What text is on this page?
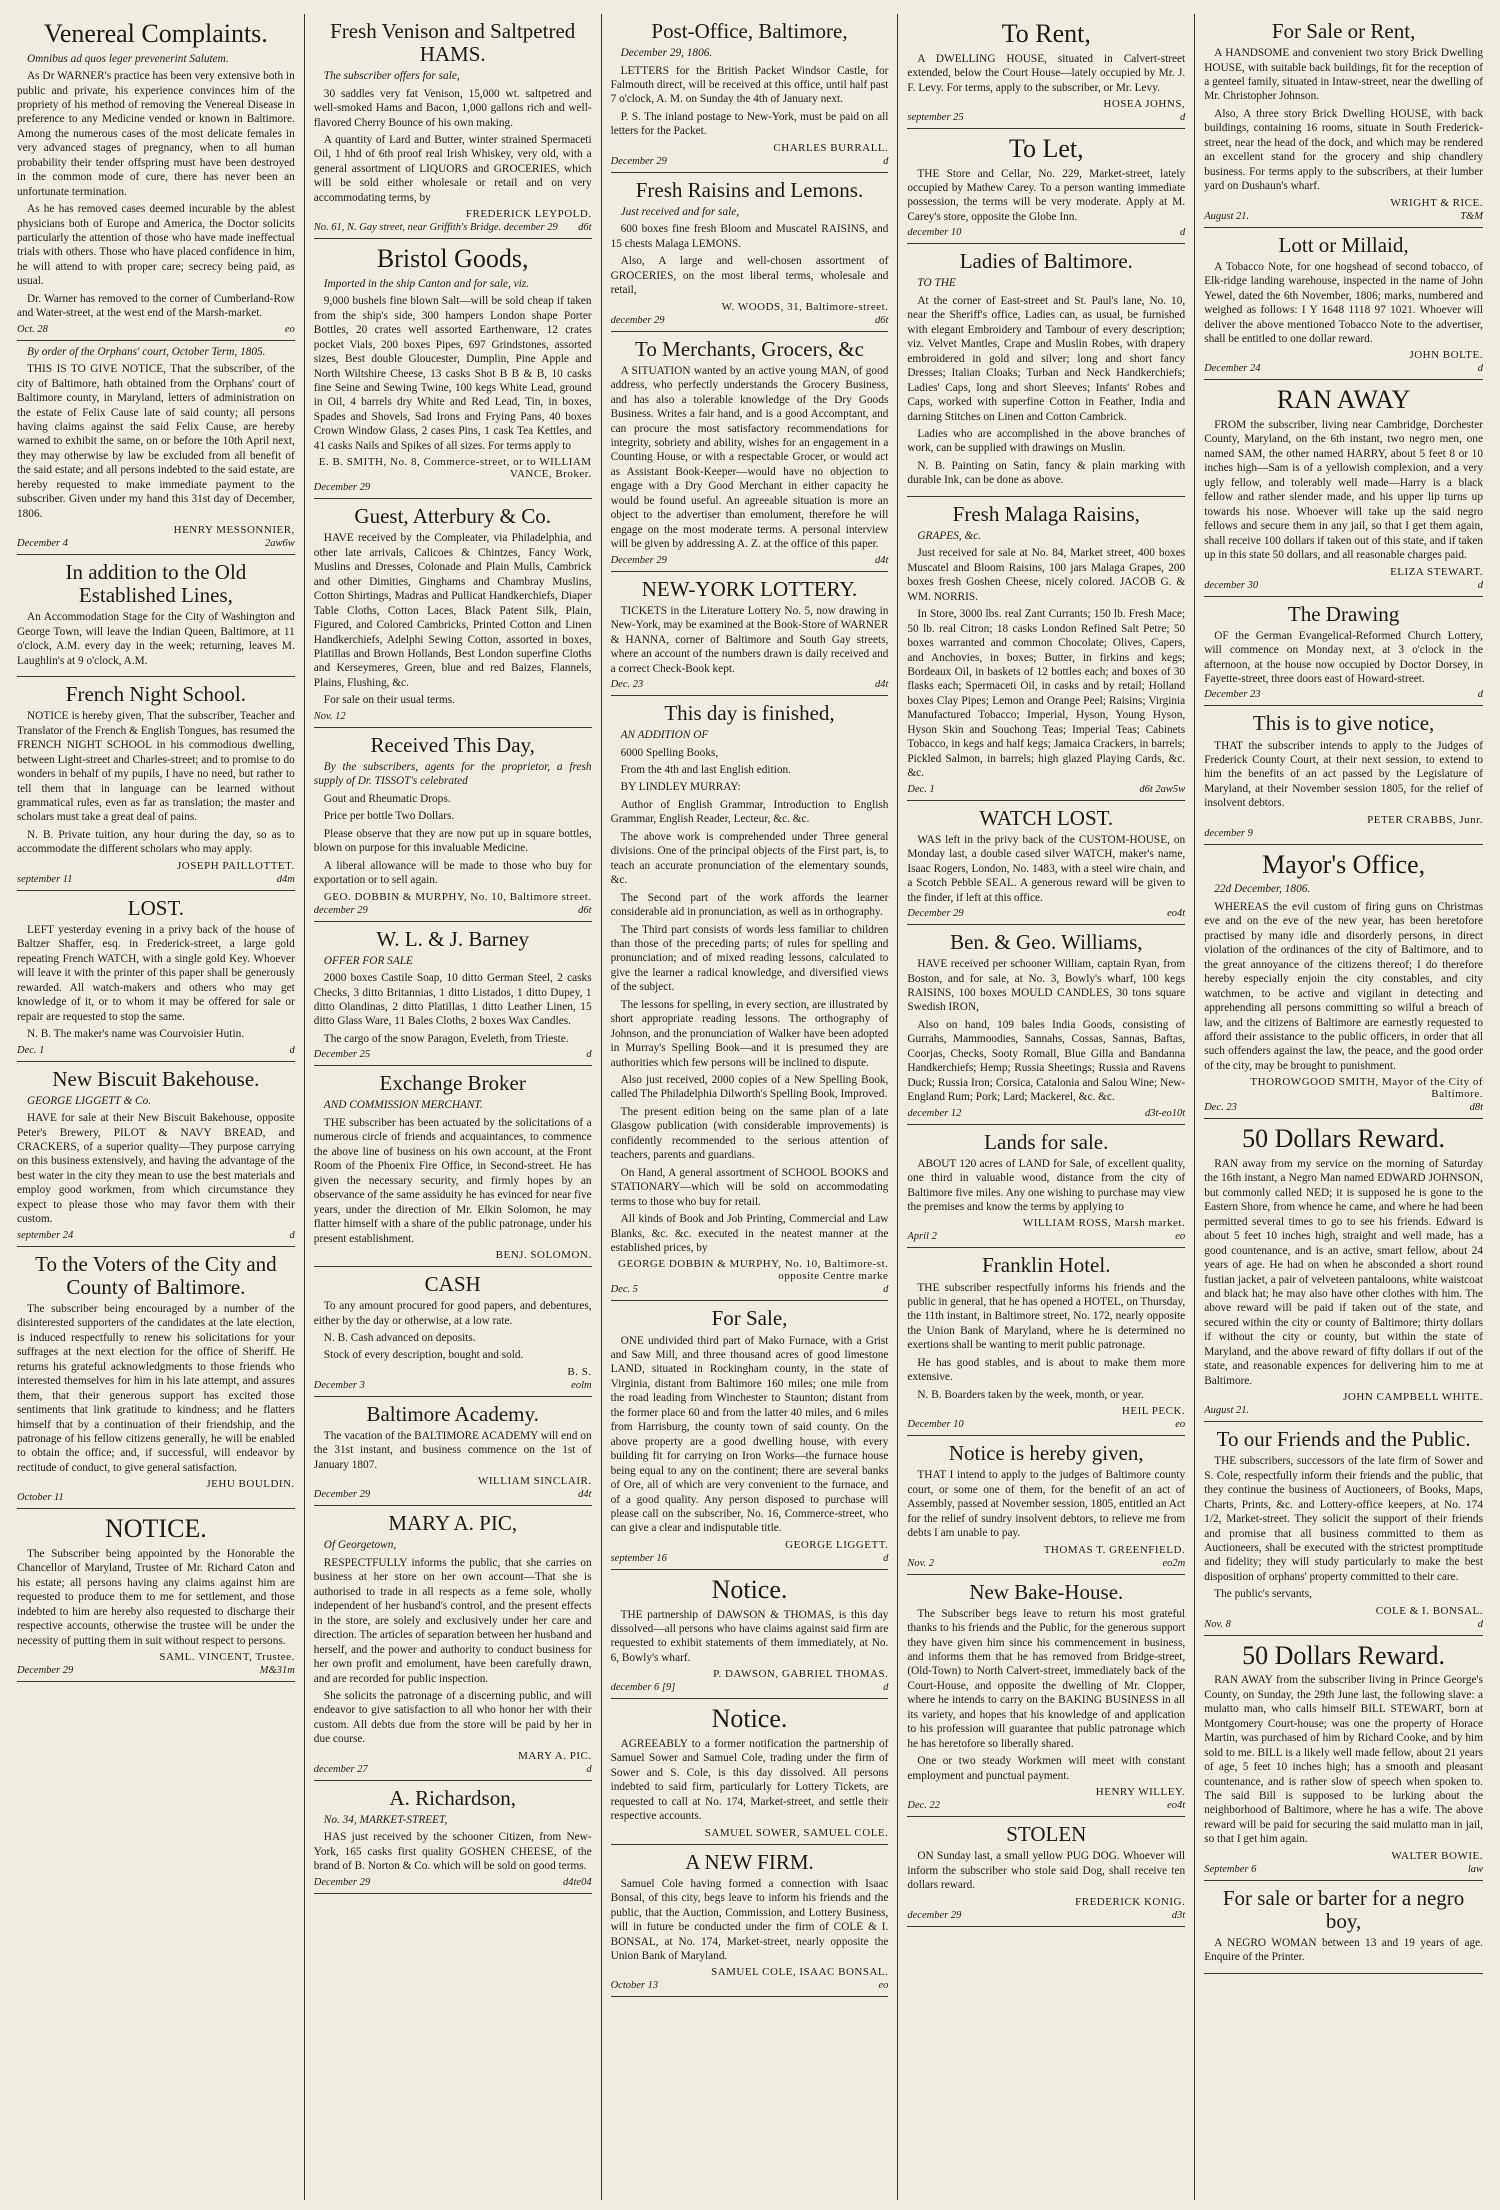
Venereal Complaints.

Omnibus ad quos leger prevenerint Salutem.

As Dr WARNER's practice has been very extensive both in public and private, his experience convinces him of the propriety of his method of removing the Venereal Disease in preference to any Medicine vended or known in Baltimore. Among the numerous cases of the most delicate females in very advanced stages of pregnancy, when to all human probability their tender offspring must have been destroyed in the common mode of cure, there has never been an unfortunate termination.

As he has removed cases deemed incurable by the ablest physicians both of Europe and America, the Doctor solicits particularly the attention of those who have made ineffectual trials with others. Those who have placed confidence in him, he will attend to with proper care; secrecy being paid, as usual.

Dr. Warner has removed to the corner of Cumberland-Row and Water-street, at the west end of the Marsh-market.

Oct. 28	eo

By order of the Orphans' court, October Term, 1805.

THIS IS TO GIVE NOTICE, That the subscriber, of the city of Baltimore, hath obtained from the Orphans' court of Baltimore county, in Maryland, letters of administration on the estate of Felix Cause late of said county; all persons having claims against the said Felix Cause, are hereby warned to exhibit the same, on or before the 10th April next, they may otherwise by law be excluded from all benefit of the said estate; and all persons indebted to the said estate, are hereby requested to make immediate payment to the subscriber. Given under my hand this 31st day of December, 1806.

HENRY MESSONNIER,
December 4	2aw6w
In addition to the Old Established Lines,

An Accommodation Stage for the City of Washington and George Town, will leave the Indian Queen, Baltimore, at 11 o'clock, A.M. every day in the week; returning, leaves M. Laughlin's at 9 o'clock, A.M.

French Night School.

NOTICE is hereby given, That the subscriber, Teacher and Translator of the French & English Tongues, has resumed the FRENCH NIGHT SCHOOL in his commodious dwelling, between Light-street and Charles-street; and to promise to do wonders in behalf of my pupils, I have no need, but rather to tell them that in language can be learned without grammatical rules, even as far as translation; the master and scholars must take a great deal of pains.

N. B. Private tuition, any hour during the day, so as to accommodate the different scholars who may apply.

JOSEPH PAILLOTTET.
september 11	d4m
LOST.

LEFT yesterday evening in a privy back of the house of Baltzer Shaffer, esq. in Frederick-street, a large gold repeating French WATCH, with a single gold Key. Whoever will leave it with the printer of this paper shall be generously rewarded. All watch-makers and others who may get knowledge of it, or to whom it may be offered for sale or repair are requested to stop the same.

N. B. The maker's name was Courvoisier Hutin.

Dec. 1	d
New Biscuit Bakehouse.

GEORGE LIGGETT & Co.

HAVE for sale at their New Biscuit Bakehouse, opposite Peter's Brewery, PILOT & NAVY BREAD, and CRACKERS, of a superior quality—They purpose carrying on this business extensively, and having the advantage of the best water in the city they mean to use the best materials and employ good workmen, from which circumstance they expect to please those who may favor them with their custom.

september 24	d
To the Voters of the City and County of Baltimore.

The subscriber being encouraged by a number of the disinterested supporters of the candidates at the late election, is induced respectfully to renew his solicitations for your suffrages at the next election for the office of Sheriff. He returns his grateful acknowledgments to those friends who interested themselves for him in his late attempt, and assures them, that their generous support has excited those sentiments that link gratitude to kindness; and he flatters himself that by a continuation of their friendship, and the patronage of his fellow citizens generally, he will be enabled to obtain the office; and, if successful, will endeavor by rectitude of conduct, to give general satisfaction.

JEHU BOULDIN.
October 11
NOTICE.

The Subscriber being appointed by the Honorable the Chancellor of Maryland, Trustee of Mr. Richard Caton and his estate; all persons having any claims against him are requested to produce them to me for settlement, and those indebted to him are hereby also requested to discharge their respective accounts, otherwise the trustee will be under the necessity of putting them in suit without respect to persons.

SAML. VINCENT, Trustee.
December 29	M&31m
Fresh Venison and Saltpetred HAMS.

The subscriber offers for sale,

30 saddles very fat Venison, 15,000 wt. saltpetred and well-smoked Hams and Bacon, 1,000 gallons rich and well-flavored Cherry Bounce of his own making.

A quantity of Lard and Butter, winter strained Spermaceti Oil, 1 hhd of 6th proof real Irish Whiskey, very old, with a general assortment of LIQUORS and GROCERIES, which will be sold either wholesale or retail and on very accommodating terms, by

FREDERICK LEYPOLD.
No. 61, N. Gay street, near Griffith's Bridge. december 29 d6t
Bristol Goods,

Imported in the ship Canton and for sale, viz.

9,000 bushels fine blown Salt—will be sold cheap if taken from the ship's side, 300 hampers London shape Porter Bottles, 20 crates well assorted Earthenware, 12 crates pocket Vials, 200 boxes Pipes, 697 Grindstones, assorted sizes, Best double Gloucester, Dumplin, Pine Apple and North Wiltshire Cheese, 13 casks Shot B B & B, 10 casks fine Seine and Sewing Twine, 100 kegs White Lead, ground in Oil, 4 barrels dry White and Red Lead, Tin, in boxes, Spades and Shovels, Sad Irons and Frying Pans, 40 boxes Crown Window Glass, 2 cases Pins, 1 cask Tea Kettles, and 41 casks Nails and Spikes of all sizes. For terms apply to

E. B. SMITH, No. 8, Commerce-street, or to WILLIAM VANCE, Broker.
December 29
Guest, Atterbury & Co.

HAVE received by the Compleater, via Philadelphia, and other late arrivals, Calicoes & Chintzes, Fancy Work, Muslins and Dresses, Colonade and Plain Mulls, Cambrick and other Dimities, Ginghams and Chambray Muslins, Cotton Shirtings, Madras and Pullicat Handkerchiefs, Diaper Table Cloths, Cotton Laces, Black Patent Silk, Plain, Figured, and Colored Cambricks, Printed Cotton and Linen Handkerchiefs, Adelphi Sewing Cotton, assorted in boxes, Platillas and Brown Hollands, Best London superfine Cloths and Kerseymeres, Green, blue and red Baizes, Flannels, Plains, Flushing, &c.

For sale on their usual terms.

Nov. 12
Received This Day,

By the subscribers, agents for the proprietor, a fresh supply of Dr. TISSOT's celebrated

Gout and Rheumatic Drops.

Price per bottle Two Dollars.

Please observe that they are now put up in square bottles, blown on purpose for this invaluable Medicine.

A liberal allowance will be made to those who buy for exportation or to sell again.

GEO. DOBBIN & MURPHY, No. 10, Baltimore street.
december 29	d6t
W. L. & J. Barney

OFFER FOR SALE

2000 boxes Castile Soap, 10 ditto German Steel, 2 casks Checks, 3 ditto Britannias, 1 ditto Listados, 1 ditto Dupey, 1 ditto Olandinas, 2 ditto Platillas, 1 ditto Leather Linen, 15 ditto Glass Ware, 11 Bales Cloths, 2 boxes Wax Candles.

The cargo of the snow Paragon, Eveleth, from Trieste.

December 25	d
Exchange Broker

AND COMMISSION MERCHANT.

THE subscriber has been actuated by the solicitations of a numerous circle of friends and acquaintances, to commence the above line of business on his own account, at the Front Room of the Phoenix Fire Office, in Second-street. He has given the necessary security, and firmly hopes by an observance of the same assiduity he has evinced for near five years, under the direction of Mr. Elkin Solomon, he may flatter himself with a share of the public patronage, under his present establishment.

BENJ. SOLOMON.
CASH

To any amount procured for good papers, and debentures, either by the day or otherwise, at a low rate.

N. B. Cash advanced on deposits.

Stock of every description, bought and sold.

B. S.
December 3	eolm
Baltimore Academy.

The vacation of the BALTIMORE ACADEMY will end on the 31st instant, and business commence on the 1st of January 1807.

WILLIAM SINCLAIR.
December 29	d4t
MARY A. PIC,

Of Georgetown,

RESPECTFULLY informs the public, that she carries on business at her store on her own account—That she is authorised to trade in all respects as a feme sole, wholly independent of her husband's control, and the present effects in the store, are solely and exclusively under her care and direction. The articles of separation between her husband and herself, and the power and authority to conduct business for her own profit and emolument, have been carefully drawn, and are recorded for public inspection.

She solicits the patronage of a discerning public, and will endeavor to give satisfaction to all who honor her with their custom. All debts due from the store will be paid by her in due course.

MARY A. PIC.
december 27	d
A. Richardson,

No. 34, MARKET-STREET,

HAS just received by the schooner Citizen, from New-York, 165 casks first quality GOSHEN CHEESE, of the brand of B. Norton & Co. which will be sold on good terms.

December 29	d4te04
Post-Office, Baltimore,

December 29, 1806.

LETTERS for the British Packet Windsor Castle, for Falmouth direct, will be received at this office, until half past 7 o'clock, A. M. on Sunday the 4th of January next.

P. S. The inland postage to New-York, must be paid on all letters for the Packet.

CHARLES BURRALL.
December 29	d
Fresh Raisins and Lemons.

Just received and for sale,

600 boxes fine fresh Bloom and Muscatel RAISINS, and 15 chests Malaga LEMONS.

Also, A large and well-chosen assortment of GROCERIES, on the most liberal terms, wholesale and retail,

W. WOODS, 31, Baltimore-street.
december 29	d6t
To Merchants, Grocers, &c

A SITUATION wanted by an active young MAN, of good address, who perfectly understands the Grocery Business, and has also a tolerable knowledge of the Dry Goods Business. Writes a fair hand, and is a good Accomptant, and can procure the most satisfactory recommendations for integrity, sobriety and ability, wishes for an engagement in a Counting House, or with a respectable Grocer, or would act as Assistant Book-Keeper—would have no objection to engage with a Dry Good Merchant in either capacity he would be found useful. An agreeable situation is more an object to the advertiser than emolument, therefore he will engage on the most moderate terms. A personal interview will be given by addressing A. Z. at the office of this paper.

December 29	d4t
NEW-YORK LOTTERY.

TICKETS in the Literature Lottery No. 5, now drawing in New-York, may be examined at the Book-Store of WARNER & HANNA, corner of Baltimore and South Gay streets, where an account of the numbers drawn is daily received and a correct Check-Book kept.

Dec. 23	d4t
This day is finished,

AN ADDITION OF

6000 Spelling Books,

From the 4th and last English edition.

BY LINDLEY MURRAY:

Author of English Grammar, Introduction to English Grammar, English Reader, Lecteur, &c. &c.

The above work is comprehended under Three general divisions. One of the principal objects of the First part, is, to teach an accurate pronunciation of the elementary sounds, &c.

The Second part of the work affords the learner considerable aid in pronunciation, as well as in orthography.

The Third part consists of words less familiar to children than those of the preceding parts; of rules for spelling and pronunciation; and of mixed reading lessons, calculated to give the learner a radical knowledge, and diversified views of the subject.

The lessons for spelling, in every section, are illustrated by short appropriate reading lessons. The orthography of Johnson, and the pronunciation of Walker have been adopted in Murray's Spelling Book—and it is presumed they are authorities which few persons will be inclined to dispute.

Also just received, 2000 copies of a New Spelling Book, called The Philadelphia Dilworth's Spelling Book, Improved.

The present edition being on the same plan of a late Glasgow publication (with considerable improvements) is confidently recommended to the serious attention of teachers, parents and guardians.

On Hand, A general assortment of SCHOOL BOOKS and STATIONARY—which will be sold on accommodating terms to those who buy for retail.

All kinds of Book and Job Printing, Commercial and Law Blanks, &c. &c. executed in the neatest manner at the established prices, by

GEORGE DOBBIN & MURPHY, No. 10, Baltimore-st. opposite Centre marke
Dec. 5	d
For Sale,

ONE undivided third part of Mako Furnace, with a Grist and Saw Mill, and three thousand acres of good limestone LAND, situated in Rockingham county, in the state of Virginia, distant from Baltimore 160 miles; one mile from the road leading from Winchester to Staunton; distant from the former place 60 and from the latter 40 miles, and 6 miles from Harrisburg, the county town of said county. On the above property are a good dwelling house, with every building fit for carrying on Iron Works—the furnace house being equal to any on the continent; there are several banks of Ore, all of which are very convenient to the furnace, and of a good quality. Any person disposed to purchase will please call on the subscriber, No. 16, Commerce-street, who can give a clear and indisputable title.

GEORGE LIGGETT.
september 16	d
Notice.

THE partnership of DAWSON & THOMAS, is this day dissolved—all persons who have claims against said firm are requested to exhibit statements of them immediately, at No. 6, Bowly's wharf.

P. DAWSON, GABRIEL THOMAS.
december 6 [9]	d
Notice.

AGREEABLY to a former notification the partnership of Samuel Sower and Samuel Cole, trading under the firm of Sower and S. Cole, is this day dissolved. All persons indebted to said firm, particularly for Lottery Tickets, are requested to call at No. 174, Market-street, and settle their respective accounts.

SAMUEL SOWER, SAMUEL COLE.
A NEW FIRM.

Samuel Cole having formed a connection with Isaac Bonsal, of this city, begs leave to inform his friends and the public, that the Auction, Commission, and Lottery Business, will in future be conducted under the firm of COLE & I. BONSAL, at No. 174, Market-street, nearly opposite the Union Bank of Maryland.

SAMUEL COLE, ISAAC BONSAL.
October 13	eo
To Rent,

A DWELLING HOUSE, situated in Calvert-street extended, below the Court House—lately occupied by Mr. J. F. Levy. For terms, apply to the subscriber, or Mr. Levy.

HOSEA JOHNS,
september 25	d
To Let,

THE Store and Cellar, No. 229, Market-street, lately occupied by Mathew Carey. To a person wanting immediate possession, the terms will be very moderate. Apply at M. Carey's store, opposite the Globe Inn.

december 10	d
Ladies of Baltimore.

TO THE

At the corner of East-street and St. Paul's lane, No. 10, near the Sheriff's office, Ladies can, as usual, be furnished with elegant Embroidery and Tambour of every description; viz. Velvet Mantles, Crape and Muslin Robes, with drapery embroidered in gold and silver; long and short fancy Dresses; Italian Cloaks; Turban and Neck Handkerchiefs; Ladies' Caps, long and short Sleeves; Infants' Robes and Caps, worked with superfine Cotton in Feather, India and darning Stitches on Linen and Cotton Cambrick.

Ladies who are accomplished in the above branches of work, can be supplied with drawings on Muslin.

N. B. Painting on Satin, fancy & plain marking with durable Ink, can be done as above.

Fresh Malaga Raisins,

GRAPES, &c.

Just received for sale at No. 84, Market street, 400 boxes Muscatel and Bloom Raisins, 100 jars Malaga Grapes, 200 boxes fresh Goshen Cheese, nicely colored. JACOB G. & WM. NORRIS.

In Store, 3000 lbs. real Zant Currants; 150 lb. Fresh Mace; 50 lb. real Citron; 18 casks London Refined Salt Petre; 50 boxes warranted and common Chocolate; Olives, Capers, and Anchovies, in boxes; Butter, in firkins and kegs; Bordeaux Oil, in baskets of 12 bottles each; and boxes of 30 flasks each; Spermaceti Oil, in casks and by retail; Holland boxes Clay Pipes; Lemon and Orange Peel; Raisins; Virginia Manufactured Tobacco; Imperial, Hyson, Young Hyson, Hyson Skin and Souchong Teas; Imperial Teas; Cabinets Tobacco, in kegs and half kegs; Jamaica Crackers, in barrels; Pickled Salmon, in barrels; high glazed Playing Cards, &c. &c.

Dec. 1	d6t 2aw5w
WATCH LOST.

WAS left in the privy back of the CUSTOM-HOUSE, on Monday last, a double cased silver WATCH, maker's name, Isaac Rogers, London, No. 1483, with a steel wire chain, and a Scotch Pebble SEAL. A generous reward will be given to the finder, if left at this office.

December 29	eo4t
Ben. & Geo. Williams,

HAVE received per schooner William, captain Ryan, from Boston, and for sale, at No. 3, Bowly's wharf, 100 kegs RAISINS, 100 boxes MOULD CANDLES, 30 tons square Swedish IRON,

Also on hand, 109 bales India Goods, consisting of Gurrahs, Mammoodies, Sannahs, Cossas, Sannas, Baftas, Coorjas, Checks, Sooty Romall, Blue Gilla and Bandanna Handkerchiefs; Hemp; Russia Sheetings; Russia and Ravens Duck; Russia Iron; Corsica, Catalonia and Salou Wine; New-England Rum; Pork; Lard; Mackerel, &c. &c.

december 12	d3t-eo10t
Lands for sale.

ABOUT 120 acres of LAND for Sale, of excellent quality, one third in valuable wood, distance from the city of Baltimore five miles. Any one wishing to purchase may view the premises and know the terms by applying to

WILLIAM ROSS, Marsh market.
April 2	eo
Franklin Hotel.

THE subscriber respectfully informs his friends and the public in general, that he has opened a HOTEL, on Thursday, the 11th instant, in Baltimore street, No. 172, nearly opposite the Union Bank of Maryland, where he is determined no exertions shall be wanting to merit public patronage.

He has good stables, and is about to make them more extensive.

N. B. Boarders taken by the week, month, or year.

HEIL PECK.
December 10	eo
Notice is hereby given,

THAT I intend to apply to the judges of Baltimore county court, or some one of them, for the benefit of an act of Assembly, passed at November session, 1805, entitled an Act for the relief of sundry insolvent debtors, to relieve me from debts I am unable to pay.

THOMAS T. GREENFIELD.
Nov. 2	eo2m
New Bake-House.

The Subscriber begs leave to return his most grateful thanks to his friends and the Public, for the generous support they have given him since his commencement in business, and informs them that he has removed from Bridge-street, (Old-Town) to North Calvert-street, immediately back of the Court-House, and opposite the dwelling of Mr. Clopper, where he intends to carry on the BAKING BUSINESS in all its variety, and hopes that his knowledge of and application to his profession will guarantee that public patronage which he has heretofore so liberally shared.

One or two steady Workmen will meet with constant employment and punctual payment.

HENRY WILLEY.
Dec. 22	eo4t
STOLEN

ON Sunday last, a small yellow PUG DOG. Whoever will inform the subscriber who stole said Dog, shall receive ten dollars reward.

FREDERICK KONIG.
december 29	d3t
For Sale or Rent,

A HANDSOME and convenient two story Brick Dwelling HOUSE, with suitable back buildings, fit for the reception of a genteel family, situated in Intaw-street, near the dwelling of Mr. Christopher Johnson.

Also, A three story Brick Dwelling HOUSE, with back buildings, containing 16 rooms, situate in South Frederick-street, near the head of the dock, and which may be rendered an excellent stand for the grocery and ship chandlery business. For terms apply to the subscribers, at their lumber yard on Dushaun's wharf.

WRIGHT & RICE.
August 21.	T&M
Lott or Millaid,

A Tobacco Note, for one hogshead of second tobacco, of Elk-ridge landing warehouse, inspected in the name of John Yewel, dated the 6th November, 1806; marks, numbered and weighed as follows: I Y 1648 1118 97 1021. Whoever will deliver the above mentioned Tobacco Note to the advertiser, shall be entitled to one dollar reward.

JOHN BOLTE.
December 24	d
RAN AWAY

FROM the subscriber, living near Cambridge, Dorchester County, Maryland, on the 6th instant, two negro men, one named SAM, the other named HARRY, about 5 feet 8 or 10 inches high—Sam is of a yellowish complexion, and a very ugly fellow, and tolerably well made—Harry is a black fellow and rather slender made, and his upper lip turns up towards his nose. Whoever will take up the said negro fellows and secure them in any jail, so that I get them again, shall receive 100 dollars if taken out of this state, and if taken up in this state 50 dollars, and all reasonable charges paid.

ELIZA STEWART.
december 30	d
The Drawing

OF the German Evangelical-Reformed Church Lottery, will commence on Monday next, at 3 o'clock in the afternoon, at the house now occupied by Doctor Dorsey, in Fayette-street, three doors east of Howard-street.

December 23	d
This is to give notice,

THAT the subscriber intends to apply to the Judges of Frederick County Court, at their next session, to extend to him the benefits of an act passed by the Legislature of Maryland, at their November session 1805, for the relief of insolvent debtors.

PETER CRABBS, Junr.
december 9
Mayor's Office,

22d December, 1806.

WHEREAS the evil custom of firing guns on Christmas eve and on the eve of the new year, has been heretofore practised by many idle and disorderly persons, in direct violation of the ordinances of the city of Baltimore, and to the great annoyance of the citizens thereof; I do therefore hereby especially enjoin the city constables, and city watchmen, to be active and vigilant in detecting and apprehending all persons committing so wilful a breach of law, and the citizens of Baltimore are earnestly requested to afford their assistance to the public officers, in order that all such offenders against the law, the peace, and the good order of the city, may be brought to punishment.

THOROWGOOD SMITH, Mayor of the City of Baltimore.
Dec. 23	d8t
50 Dollars Reward.

RAN away from my service on the morning of Saturday the 16th instant, a Negro Man named EDWARD JOHNSON, but commonly called NED; it is supposed he is gone to the Eastern Shore, from whence he came, and where he had been permitted several times to go to see his friends. Edward is about 5 feet 10 inches high, straight and well made, has a good countenance, and is an active, smart fellow, about 24 years of age. He had on when he absconded a short round fustian jacket, a pair of velveteen pantaloons, white waistcoat and black hat; he may also have other clothes with him. The above reward will be paid if taken out of the state, and secured within the city or county of Baltimore; thirty dollars if without the city or county, but within the state of Maryland, and the above reward of fifty dollars if out of the state, and reasonable expences for delivering him to me at Baltimore.

JOHN CAMPBELL WHITE.
August 21.
To our Friends and the Public.

THE subscribers, successors of the late firm of Sower and S. Cole, respectfully inform their friends and the public, that they continue the business of Auctioneers, of Books, Maps, Charts, Prints, &c. and Lottery-office keepers, at No. 174 1/2, Market-street. They solicit the support of their friends and promise that all business committed to them as Auctioneers, shall be executed with the strictest promptitude and fidelity; they will study particularly to make the best disposition of orphans' property committed to their care.

The public's servants,

COLE & I. BONSAL.
Nov. 8	d
50 Dollars Reward.

RAN AWAY from the subscriber living in Prince George's County, on Sunday, the 29th June last, the following slave: a mulatto man, who calls himself BILL STEWART, born at Montgomery Court-house; was one the property of Horace Martin, was purchased of him by Richard Cooke, and by him sold to me. BILL is a likely well made fellow, about 21 years of age, 5 feet 10 inches high; has a smooth and pleasant countenance, and is rather slow of speech when spoken to. The said Bill is supposed to be lurking about the neighborhood of Baltimore, where he has a wife. The above reward will be paid for securing the said mulatto man in jail, so that I get him again.

WALTER BOWIE.
September 6	law
For sale or barter for a negro boy,

A NEGRO WOMAN between 13 and 19 years of age. Enquire of the Printer.
